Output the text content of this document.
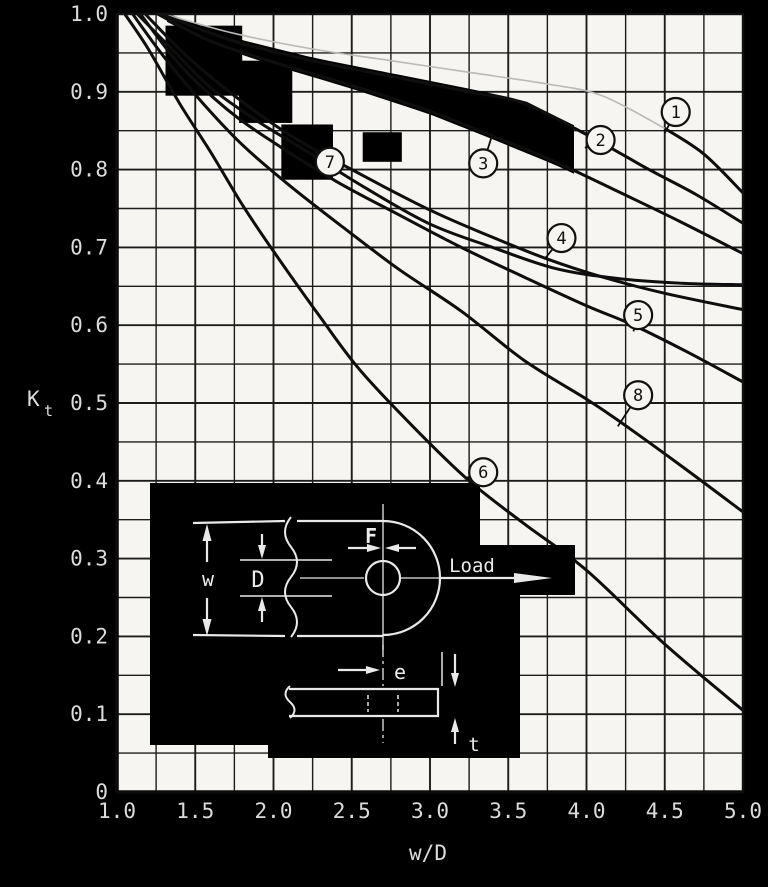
w D
F
Load
e
t
1
2
3
4
5
6
7
8
1.0
0.9
0.8
0.7
0.6
0.5
0.4
0.3
0.2
0.1
0
1.0 1.5 2.0 2.5 3.0 3.5 4.0 4.5 5.0
K t
w/D
